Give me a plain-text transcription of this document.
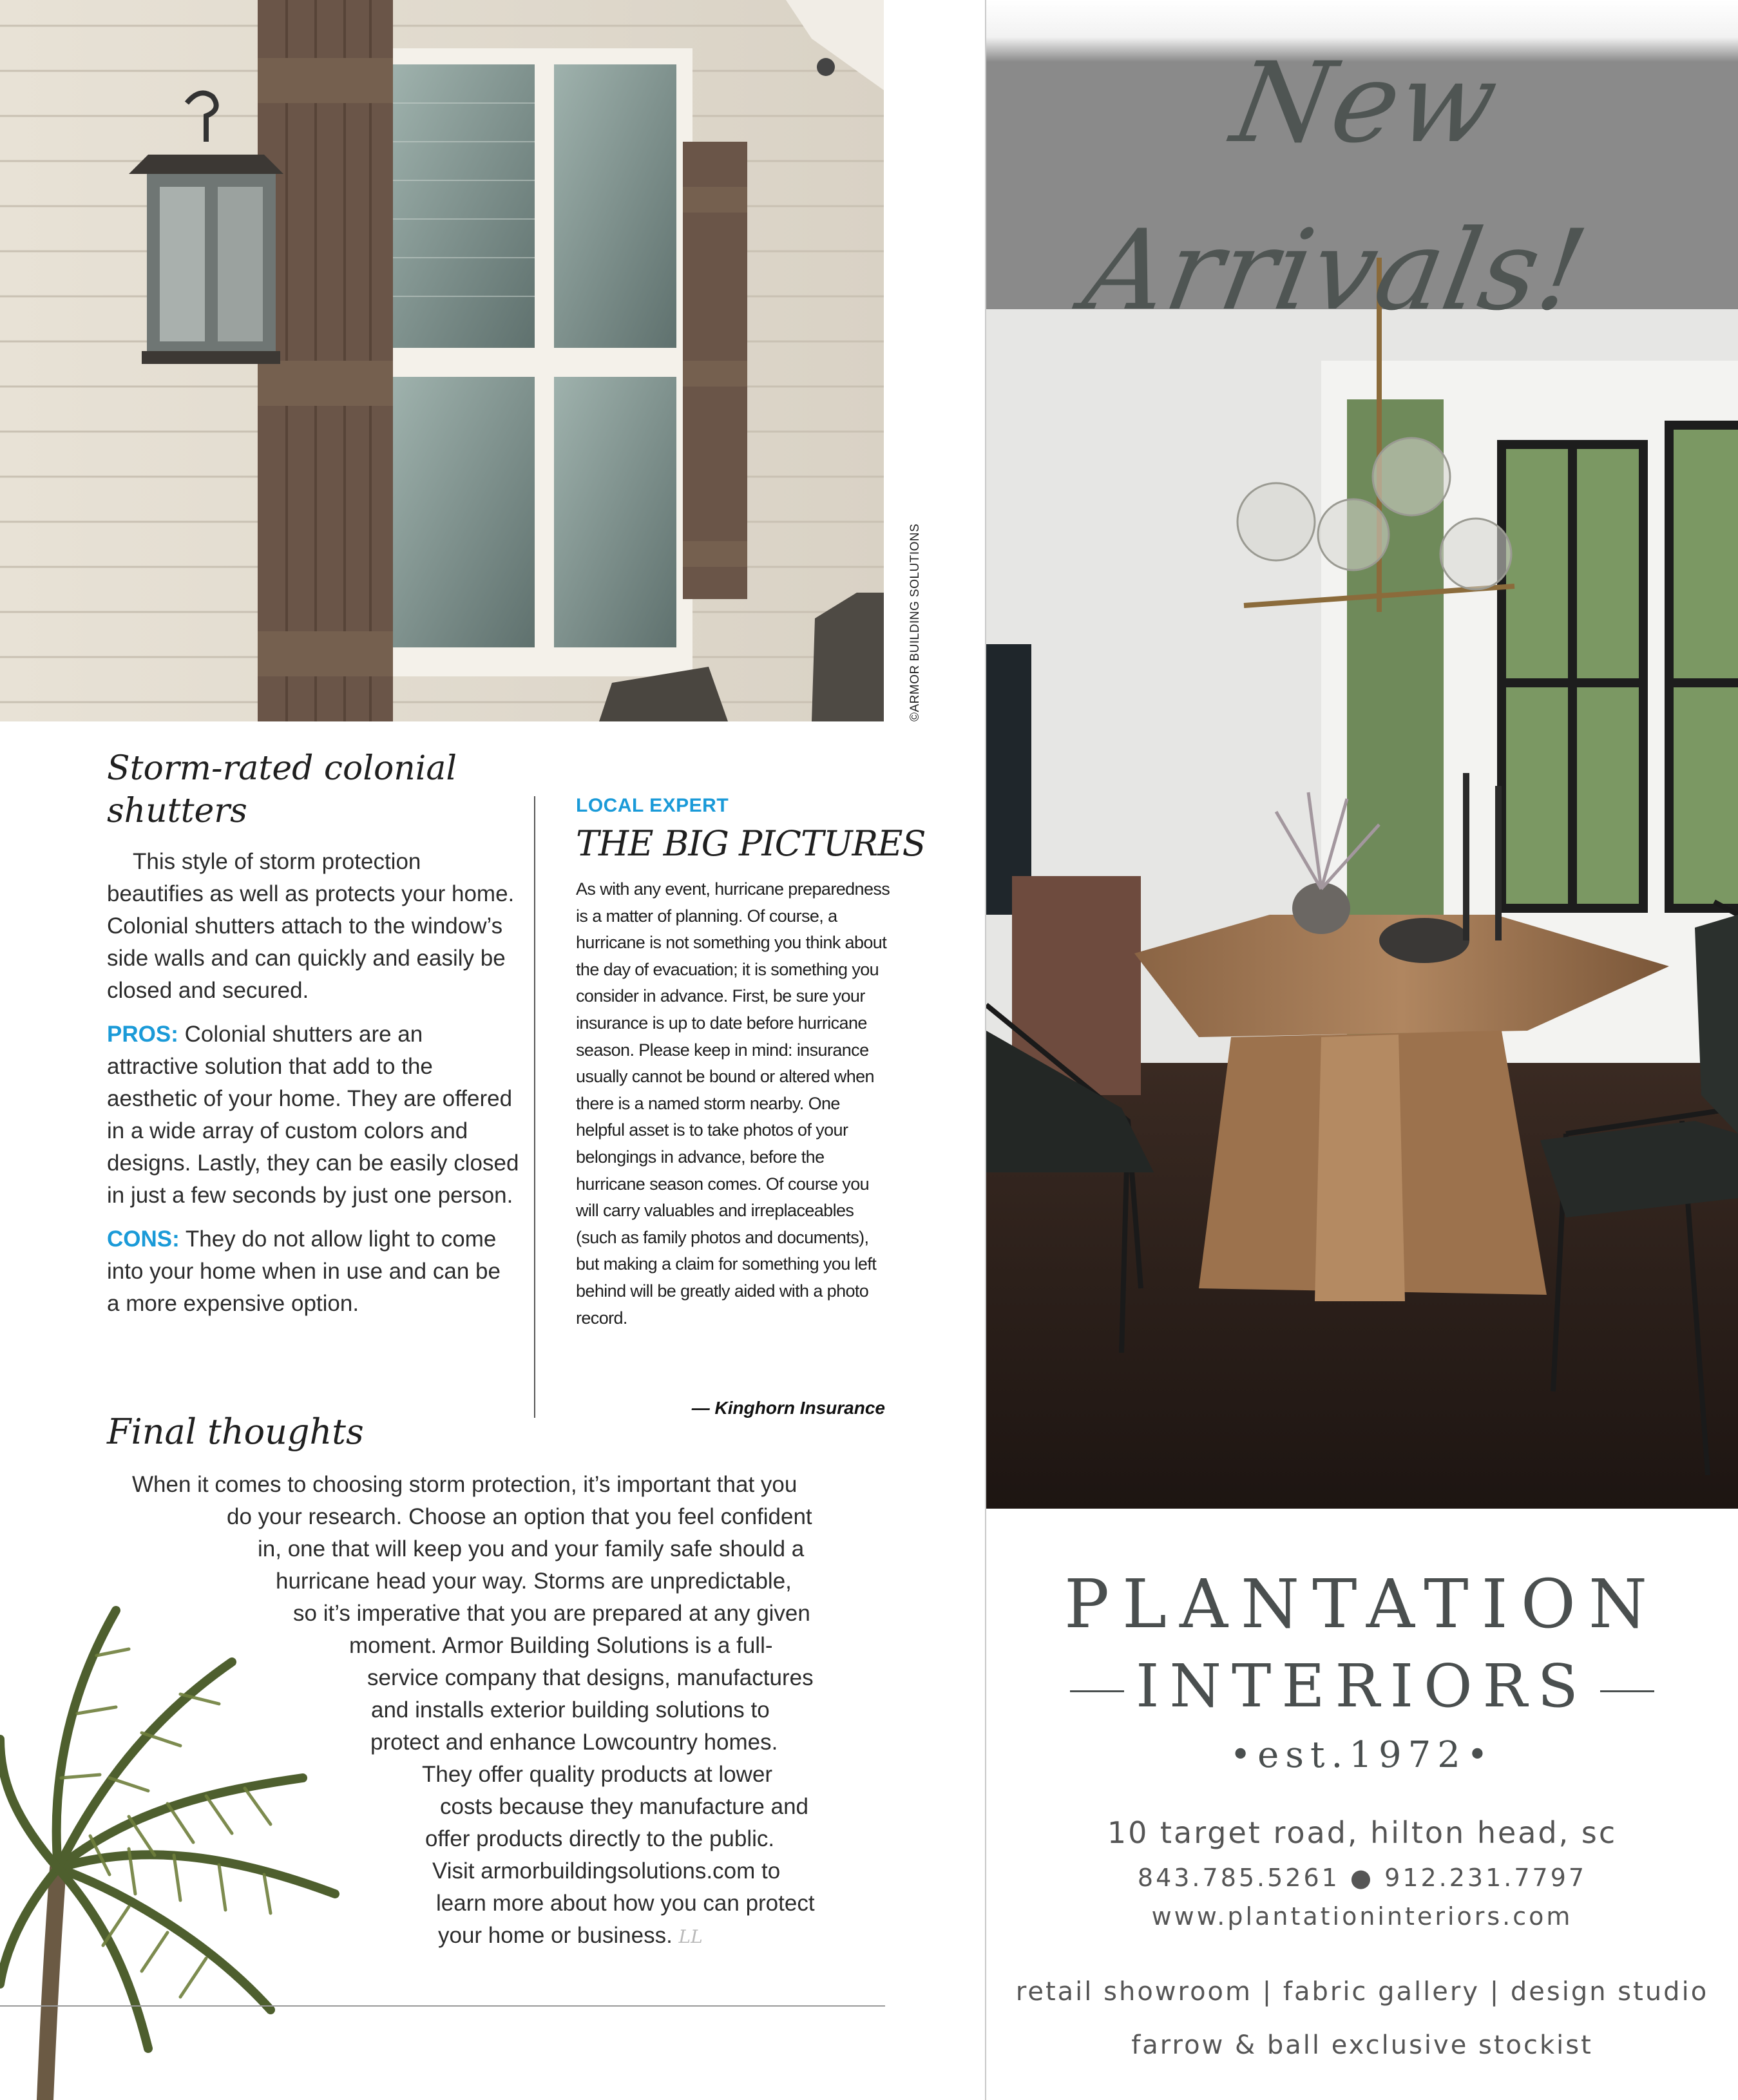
©ARMOR BUILDING SOLUTIONS
Storm-rated colonial shutters

This style of storm protection beautifies as well as protects your home. Colonial shutters attach to the window’s side walls and can quickly and easily be closed and secured.

PROS: Colonial shutters are an attractive solution that add to the aesthetic of your home. They are offered in a wide array of custom colors and designs. Lastly, they can be easily closed in just a few seconds by just one person.

CONS: They do not allow light to come into your home when in use and can be a more expensive option.

LOCAL EXPERT
THE BIG PICTURES
As with any event, hurricane preparedness is a matter of planning. Of course, a hurricane is not something you think about the day of evacuation; it is something you consider in advance. First, be sure your insurance is up to date before hurricane season. Please keep in mind: insurance usually cannot be bound or altered when there is a named storm nearby. One helpful asset is to take photos of your belongings in advance, before the hurricane season comes. Of course you will carry valuables and irreplaceables (such as family photos and documents), but making a claim for something you left behind will be greatly aided with a photo record.
— Kinghorn Insurance
Final thoughts
When it comes to choosing storm protection, it’s important that you
do your research. Choose an option that you feel confident
in, one that will keep you and your family safe should a
hurricane head your way. Storms are unpredictable,
so it’s imperative that you are prepared at any given
moment. Armor Building Solutions is a full-
service company that designs, manufactures
and installs exterior building solutions to
protect and enhance Lowcountry homes.
They offer quality products at lower
costs because they manufacture and
offer products directly to the public.
Visit armorbuildingsolutions.com to
learn more about how you can protect
your home or business. LL
New Arrivals!
PLANTATION
INTERIORS
•est.1972•
10 target road, hilton head, sc
843.785.5261 ● 912.231.7797
www.plantationinteriors.com
retail showroom | fabric gallery | design studio
farrow & ball exclusive stockist
